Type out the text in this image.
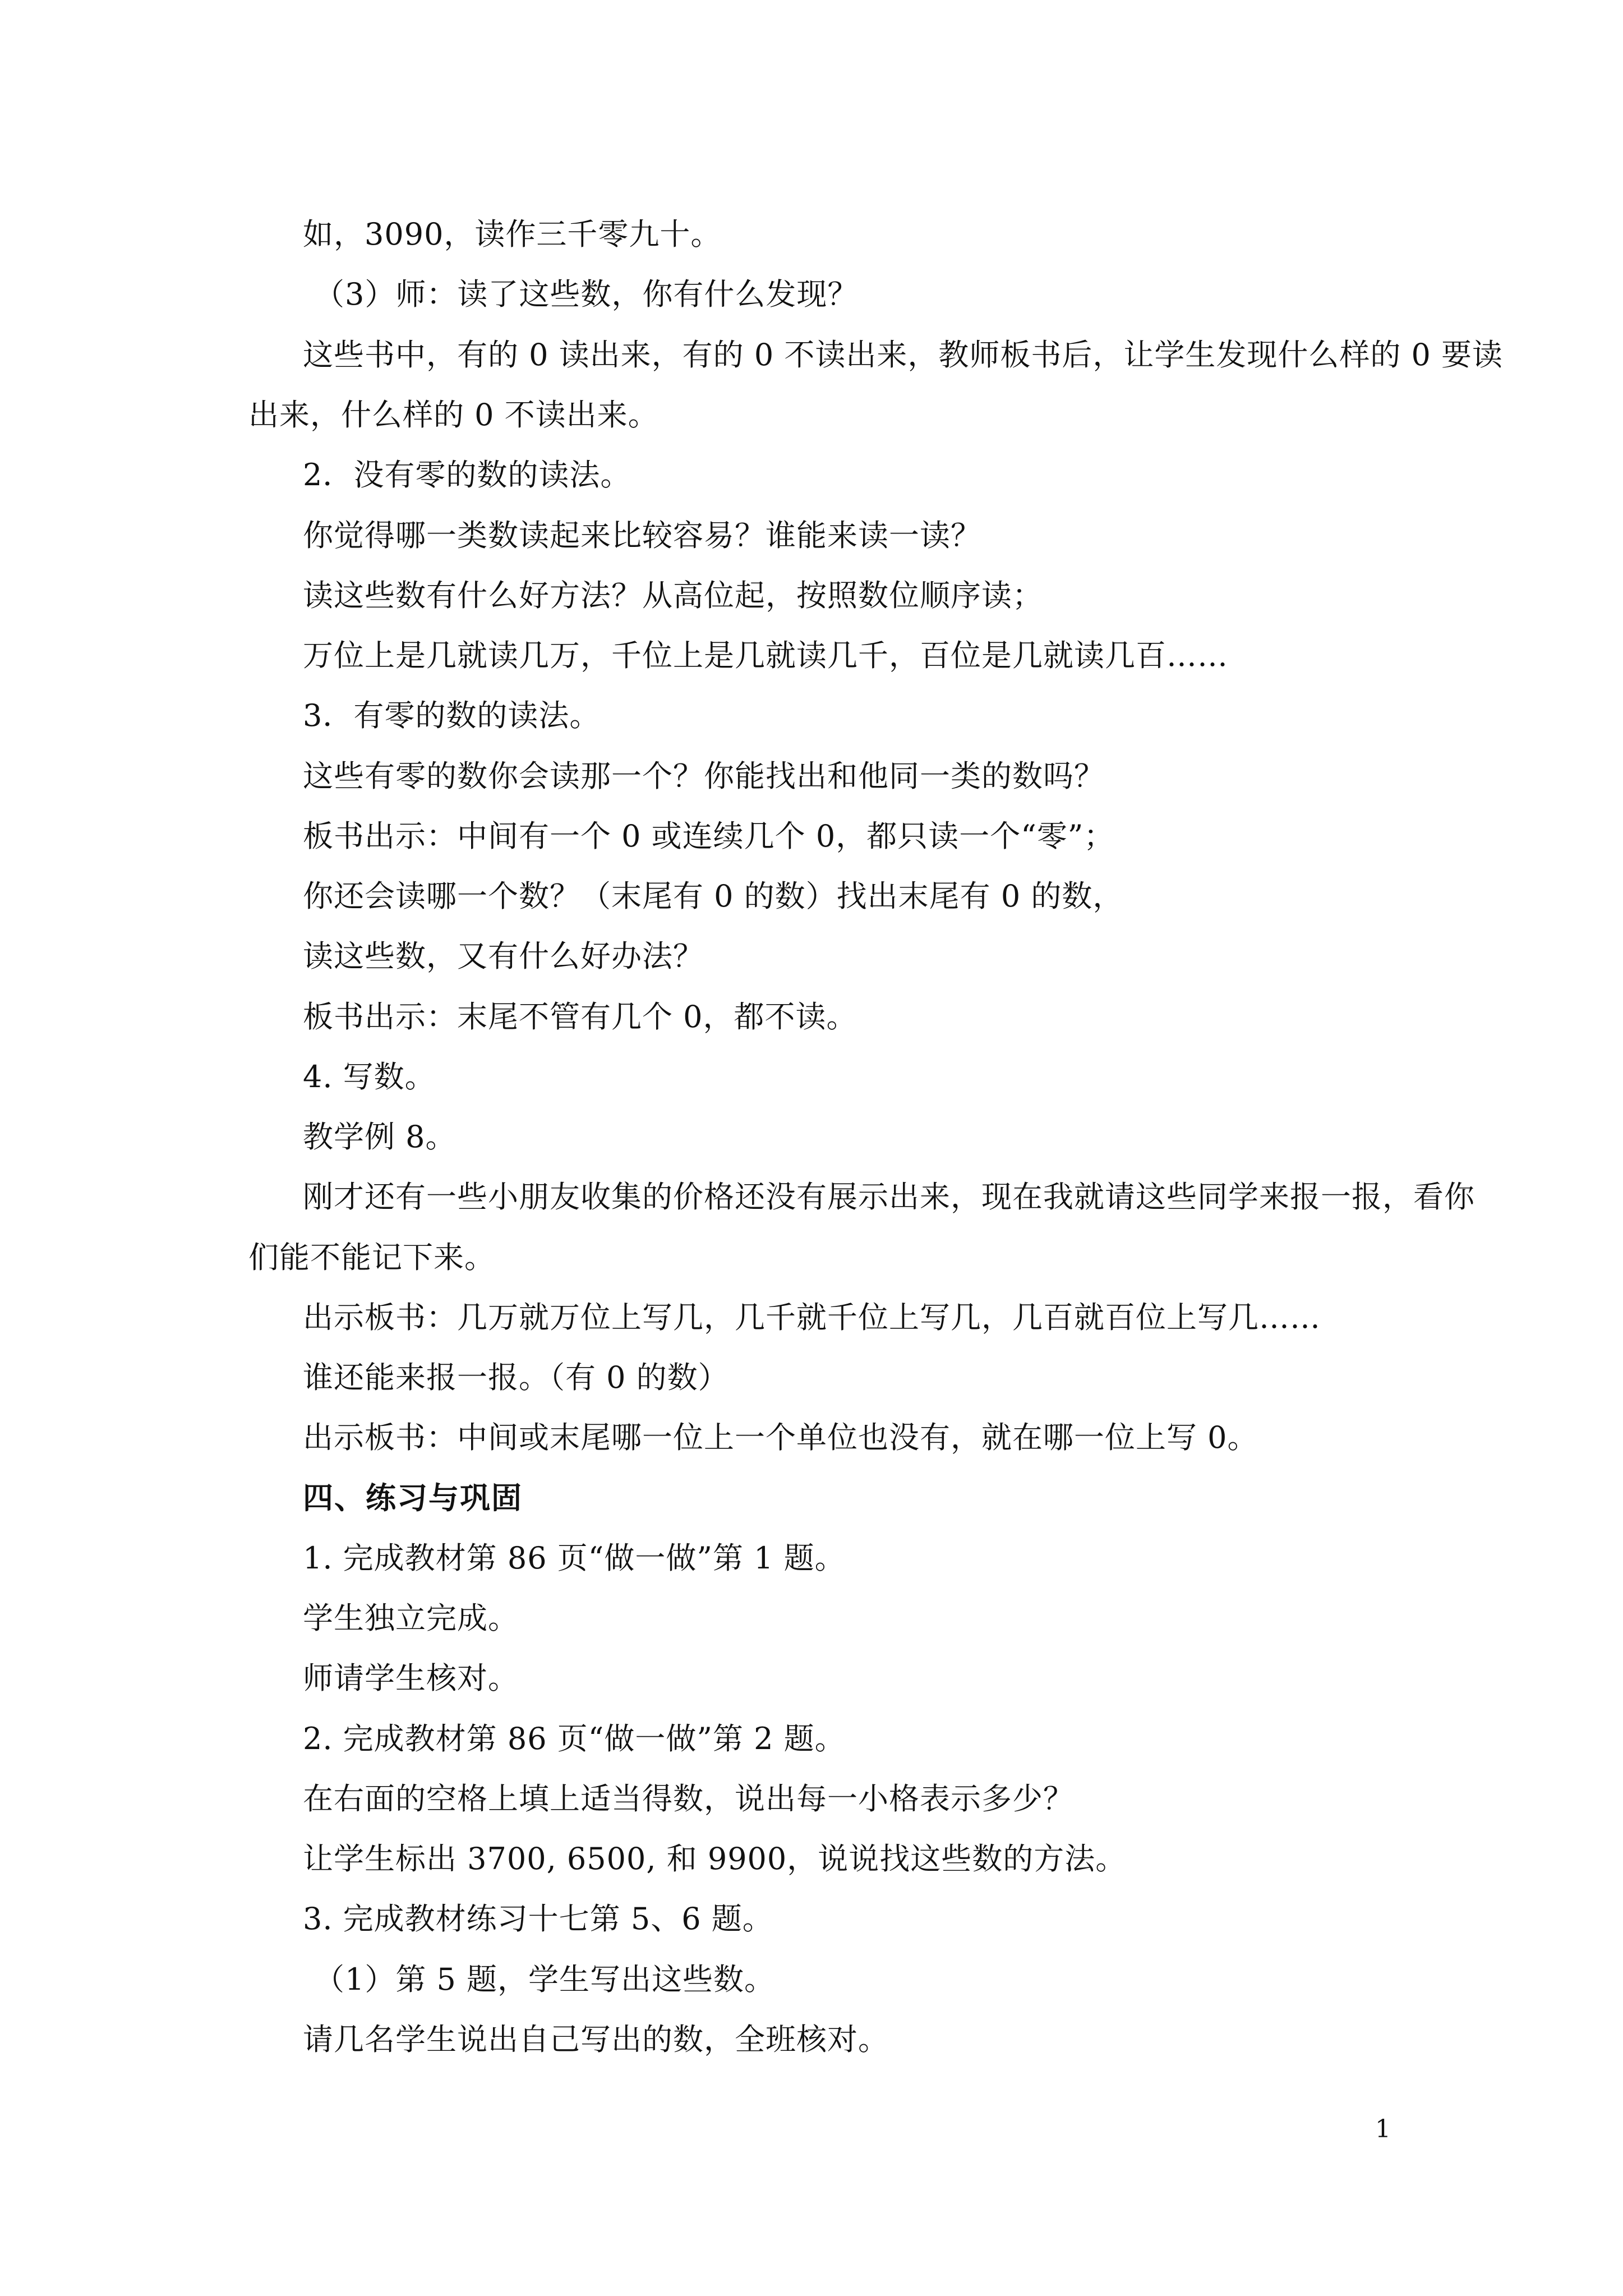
如，3090，读作三千零九十。
（3）师：读了这些数，你有什么发现？
这些书中，有的 0 读出来，有的 0 不读出来，教师板书后，让学生发现什么样的 0 要读
出来，什么样的 0 不读出来。
2．没有零的数的读法。
你觉得哪一类数读起来比较容易？谁能来读一读？
读这些数有什么好方法？从高位起，按照数位顺序读；
万位上是几就读几万，千位上是几就读几千，百位是几就读几百……
3．有零的数的读法。
这些有零的数你会读那一个？你能找出和他同一类的数吗？
板书出示：中间有一个 0 或连续几个 0，都只读一个“零”；
你还会读哪一个数？（末尾有 0 的数）找出末尾有 0 的数，
读这些数，又有什么好办法？
板书出示：末尾不管有几个 0，都不读。
4. 写数。
教学例 8。
刚才还有一些小朋友收集的价格还没有展示出来，现在我就请这些同学来报一报，看你
们能不能记下来。
出示板书：几万就万位上写几，几千就千位上写几，几百就百位上写几……
谁还能来报一报。（有 0 的数）
出示板书：中间或末尾哪一位上一个单位也没有，就在哪一位上写 0。
四、练习与巩固
1. 完成教材第 86 页“做一做”第 1 题。
学生独立完成。
师请学生核对。
2. 完成教材第 86 页“做一做”第 2 题。
在右面的空格上填上适当得数，说出每一小格表示多少？
让学生标出 3700, 6500, 和 9900，说说找这些数的方法。
3. 完成教材练习十七第 5、6 题。
（1）第 5 题，学生写出这些数。
请几名学生说出自己写出的数，全班核对。
1
